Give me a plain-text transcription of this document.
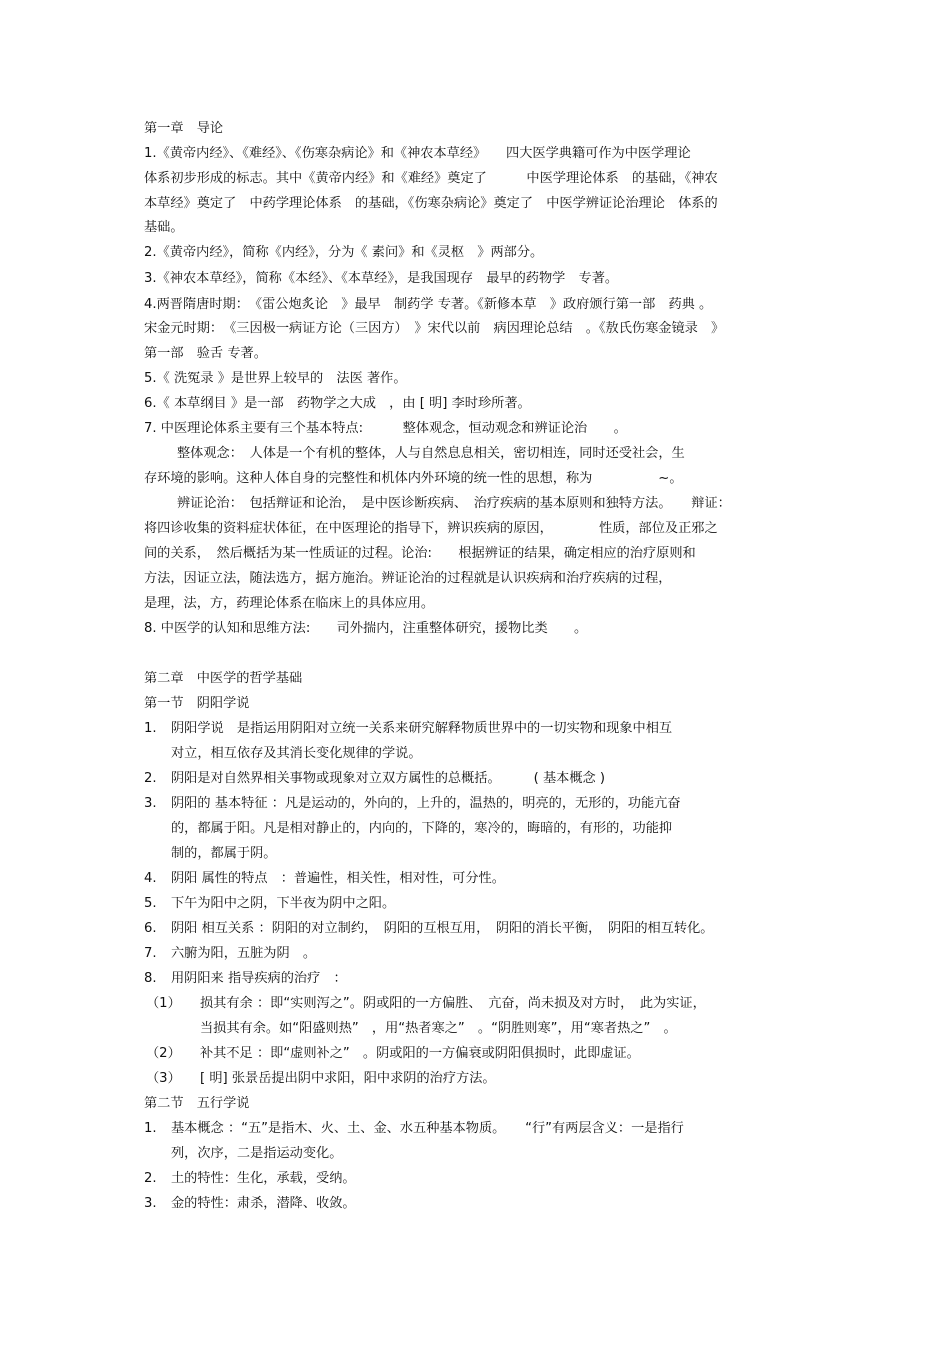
第一章　导论
1.《黄帝内经》、《难经》、《伤寒杂病论》和《神农本草经》　　四大医学典籍可作为中医学理论
体系初步形成的标志。其中《黄帝内经》和《难经》奠定了　　　中医学理论体系　的基础，《神农
本草经》奠定了　中药学理论体系　的基础，《伤寒杂病论》奠定了　中医学辨证论治理论　体系的
基础。
2.《黄帝内经》，简称《内经》，分为《 素问》和《灵枢　》两部分。
3.《神农本草经》，简称《本经》、《本草经》，是我国现存　最早的药物学　专著。
4.两晋隋唐时期：　《雷公炮炙论　》最早　制药学 专著。《新修本草　》政府颁行第一部　药典 。
宋金元时期：　《三因极一病证方论（三因方）　》宋代以前　病因理论总结　。《敖氏伤寒金镜录　》
第一部　验舌 专著。
5.《 洗冤录 》是世界上较早的　法医 著作。
6.《 本草纲目 》是一部　药物学之大成　，由 [ 明] 李时珍所著。
7. 中医理论体系主要有三个基本特点:　　　整体观念，恒动观念和辨证论治　　。
整体观念：　人体是一个有机的整体，人与自然息息相关，密切相连，同时还受社会，生
存环境的影响。这种人体自身的完整性和机体内外环境的统一性的思想，称为　　　　　~。
辨证论治：　包括辩证和论治，　是中医诊断疾病、　治疗疾病的基本原则和独特方法。　　辩证：
将四诊收集的资料症状体征，在中医理论的指导下，辨识疾病的原因，　　　　性质，部位及正邪之
间的关系，　然后概括为某一性质证的过程。论治:　　根据辨证的结果，确定相应的治疗原则和
方法，因证立法，随法选方，据方施治。辨证论治的过程就是认识疾病和治疗疾病的过程，
是理，法，方，药理论体系在临床上的具体应用。
8. 中医学的认知和思维方法:　　司外揣内，注重整体研究，援物比类　　。
第二章　中医学的哲学基础
第一节　阴阳学说
1. 阴阳学说　是指运用阴阳对立统一关系来研究解释物质世界中的一切实物和现象中相互
对立，相互依存及其消长变化规律的学说。
2. 阴阳是对自然界相关事物或现象对立双方属性的总概括。　　　( 基本概念 )
3. 阴阳的 基本特征 ：凡是运动的，外向的，上升的，温热的，明亮的，无形的，功能亢奋
的，都属于阳。凡是相对静止的，内向的，下降的，寒冷的，晦暗的，有形的，功能抑
制的，都属于阴。
4. 阴阳 属性的特点　：普遍性，相关性，相对性，可分性。
5. 下午为阳中之阴，下半夜为阴中之阳。
6. 阴阳 相互关系 ：阴阳的对立制约，　阴阳的互根互用，　阴阳的消长平衡，　阴阳的相互转化。
7. 六腑为阳，五脏为阴　。
8. 用阴阳来 指导疾病的治疗　：
（1） 损其有余 ：即“实则泻之”。阴或阳的一方偏胜、　亢奋，尚未损及对方时，　此为实证，
当损其有余。如“阳盛则热”　，用“热者寒之”　。“阴胜则寒”，用“寒者热之”　。
（2） 补其不足 ：即“虚则补之”　。阴或阳的一方偏衰或阴阳俱损时，此即虚证。
（3） [ 明] 张景岳提出阴中求阳，阳中求阴的治疗方法。
第二节　五行学说
1. 基本概念 ：“五”是指木、火、土、金、水五种基本物质。　　“行”有两层含义：一是指行
列，次序，二是指运动变化。
2. 土的特性：生化，承载，受纳。
3. 金的特性：肃杀，潜降、收敛。
